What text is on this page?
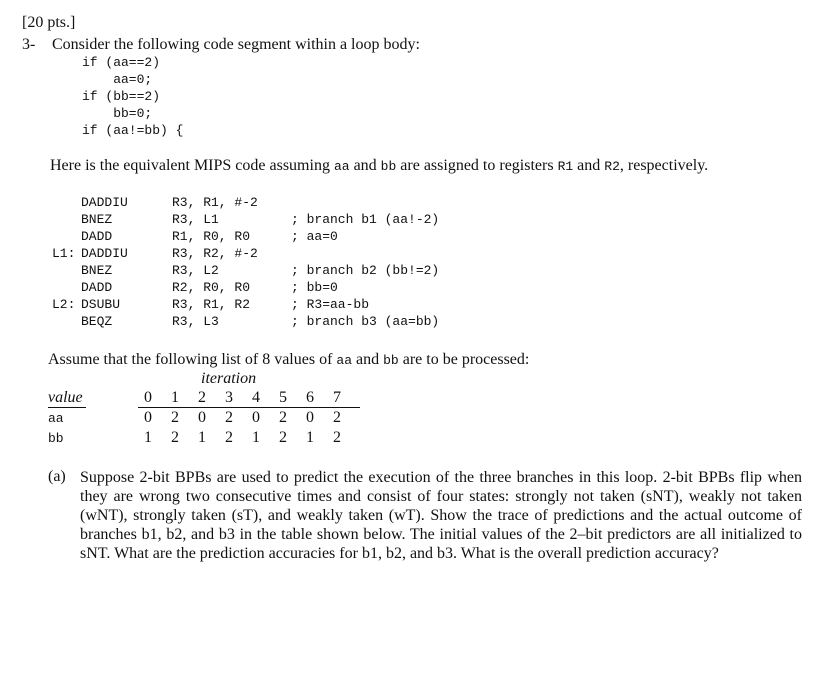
[20 pts.]
3- Consider the following code segment within a loop body:
if (aa==2)
aa=0;
if (bb==2)
bb=0;
if (aa!=bb) {
Here is the equivalent MIPS code assuming aa and bb are assigned to registers R1 and R2, respectively.
DADDIU	R3, R1, #-2
BNEZ	R3, L1	; branch b1 (aa!-2)
DADD	R1, R0, R0	; aa=0
L1: DADDIU	R3, R2, #-2
BNEZ	R3, L2	; branch b2 (bb!=2)
DADD	R2, R0, R0	; bb=0
L2: DSUBU	R3, R1, R2	; R3=aa-bb
BEQZ	R3, L3	; branch b3 (aa=bb)
Assume that the following list of 8 values of aa and bb are to be processed:
iteration
value	0 1 2 3 4 5 6 7
aa	0 2 0 2 0 2 0 2
bb	1 2 1 2 1 2 1 2
(a) Suppose 2-bit BPBs are used to predict the execution of the three branches in this loop. 2-bit BPBs flip when they are wrong two consecutive times and consist of four states: strongly not taken (sNT), weakly not taken (wNT), strongly taken (sT), and weakly taken (wT). Show the trace of predictions and the actual outcome of branches b1, b2, and b3 in the table shown below. The initial values of the 2–bit predictors are all initialized to sNT. What are the prediction accuracies for b1, b2, and b3. What is the overall prediction accuracy?
